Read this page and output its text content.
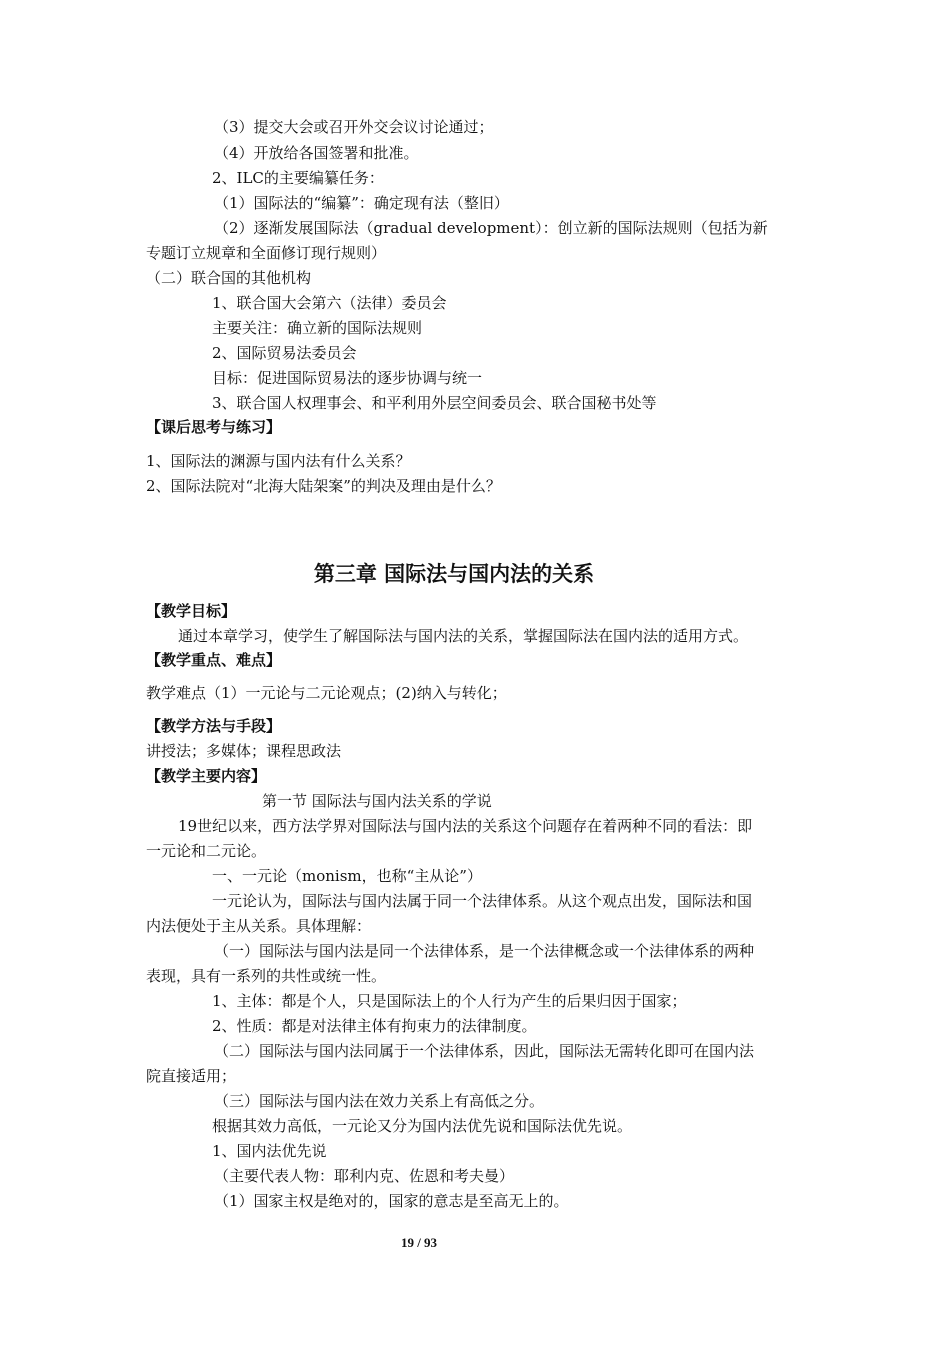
（3）提交大会或召开外交会议讨论通过；
（4）开放给各国签署和批准。
2、ILC的主要编纂任务：
（1）国际法的“编纂”：确定现有法（整旧）
（2）逐渐发展国际法（gradual development）：创立新的国际法规则（包括为新
专题订立规章和全面修订现行规则）
（二）联合国的其他机构
1、联合国大会第六（法律）委员会
主要关注：确立新的国际法规则
2、国际贸易法委员会
目标：促进国际贸易法的逐步协调与统一
3、联合国人权理事会、和平利用外层空间委员会、联合国秘书处等
【课后思考与练习】
1、国际法的渊源与国内法有什么关系？
2、国际法院对“北海大陆架案”的判决及理由是什么？
第三章 国际法与国内法的关系
【教学目标】
通过本章学习，使学生了解国际法与国内法的关系，掌握国际法在国内法的适用方式。
【教学重点、难点】
教学难点（1）一元论与二元论观点；(2)纳入与转化；
【教学方法与手段】
讲授法；多媒体；课程思政法
【教学主要内容】
第一节 国际法与国内法关系的学说
19世纪以来，西方法学界对国际法与国内法的关系这个问题存在着两种不同的看法：即
一元论和二元论。
一、一元论（monism，也称“主从论”）
一元论认为，国际法与国内法属于同一个法律体系。从这个观点出发，国际法和国
内法便处于主从关系。具体理解：
（一）国际法与国内法是同一个法律体系，是一个法律概念或一个法律体系的两种
表现，具有一系列的共性或统一性。
1、主体：都是个人，只是国际法上的个人行为产生的后果归因于国家；
2、性质：都是对法律主体有拘束力的法律制度。
（二）国际法与国内法同属于一个法律体系，因此，国际法无需转化即可在国内法
院直接适用；
（三）国际法与国内法在效力关系上有高低之分。
根据其效力高低，一元论又分为国内法优先说和国际法优先说。
1、国内法优先说
（主要代表人物：耶利内克、佐恩和考夫曼）
（1）国家主权是绝对的，国家的意志是至高无上的。
19 / 93
